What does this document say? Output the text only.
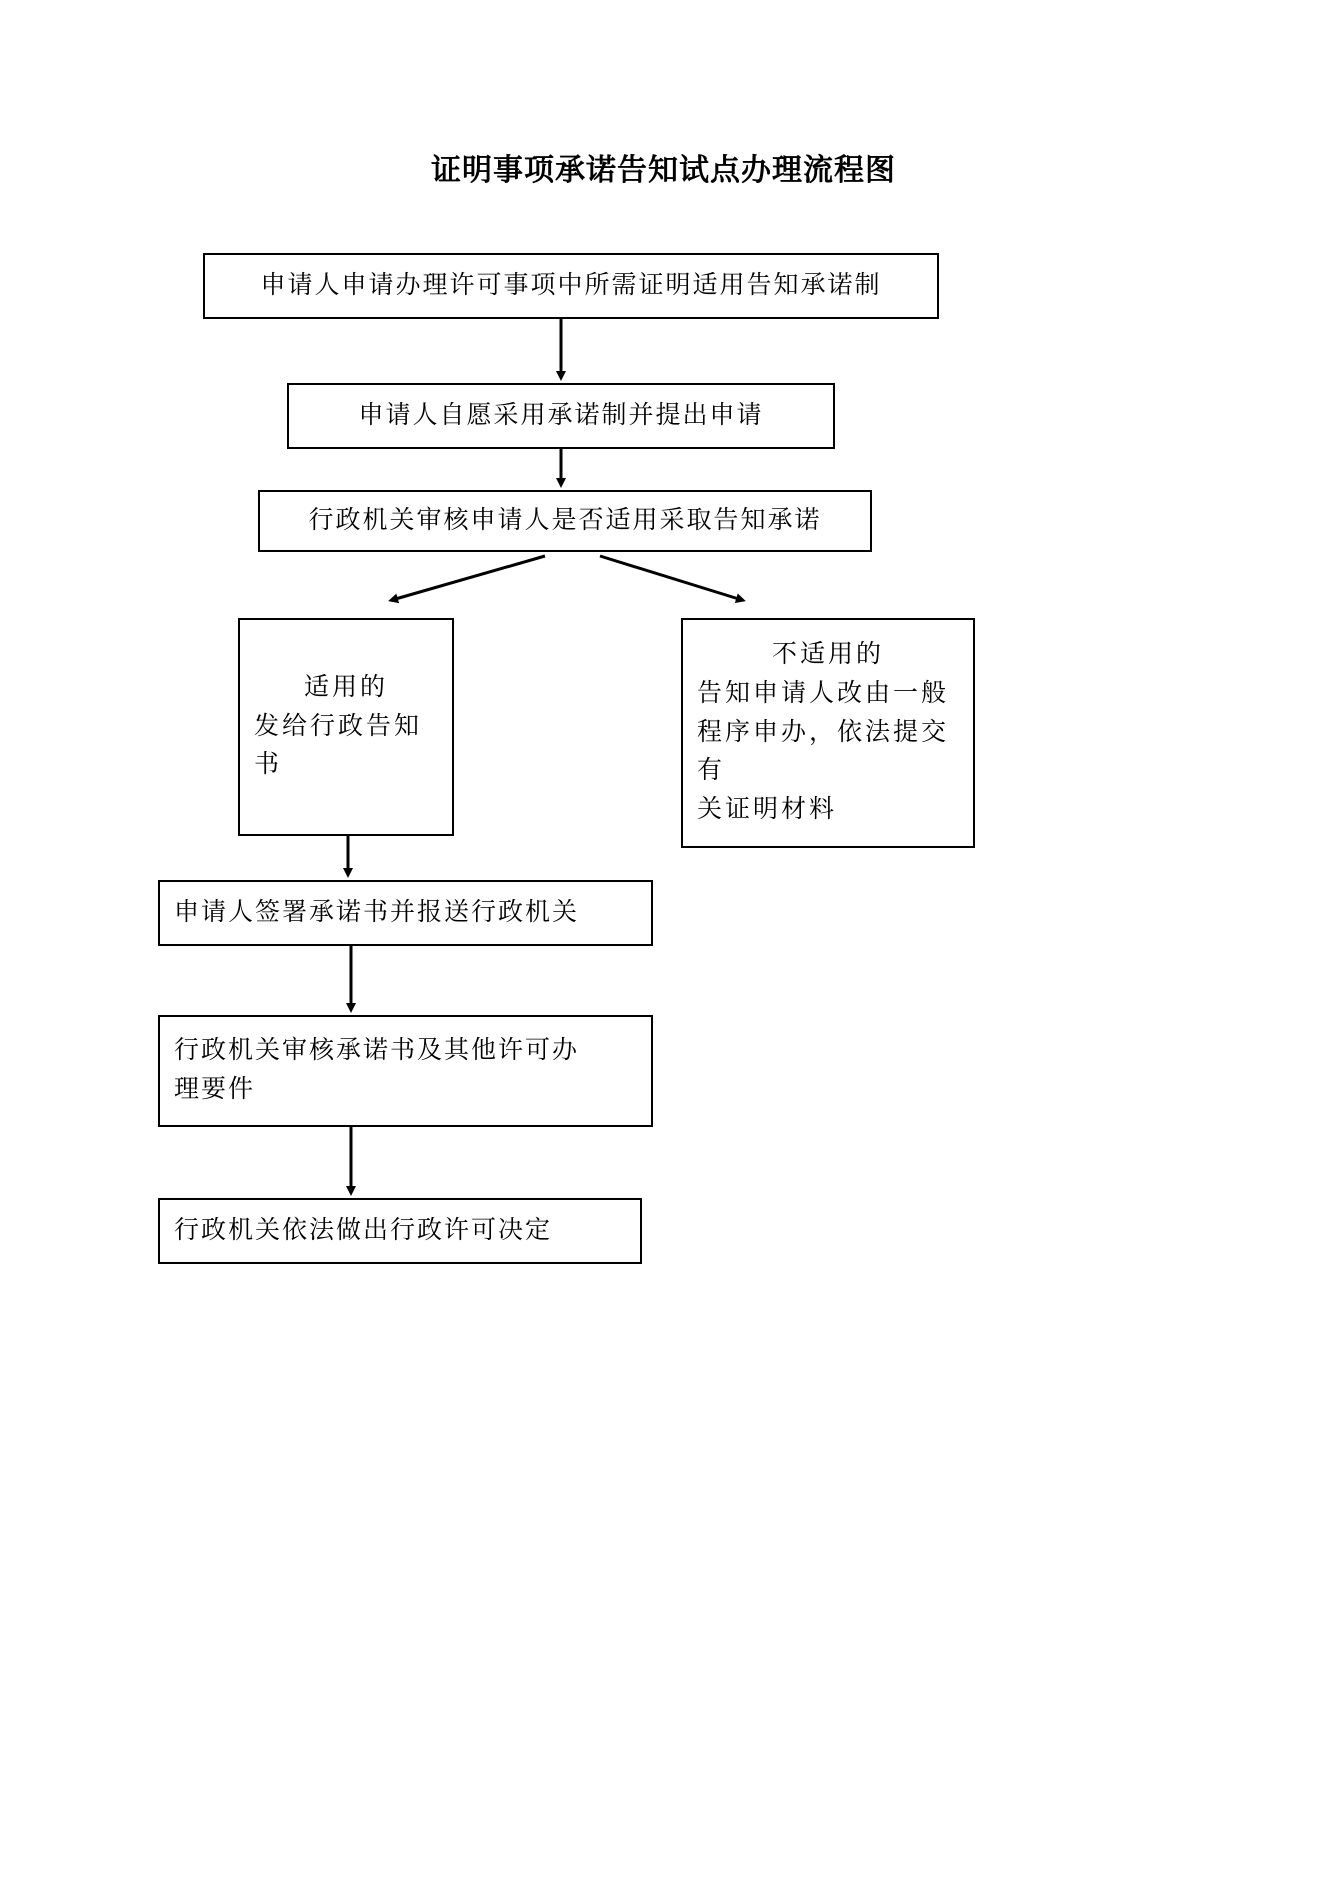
证明事项承诺告知试点办理流程图
申请人申请办理许可事项中所需证明适用告知承诺制
申请人自愿采用承诺制并提出申请
行政机关审核申请人是否适用采取告知承诺
适用的
发给行政告知
书
不适用的
告知申请人改由一般
程序申办，依法提交有
关证明材料
申请人签署承诺书并报送行政机关
行政机关审核承诺书及其他许可办
理要件
行政机关依法做出行政许可决定
